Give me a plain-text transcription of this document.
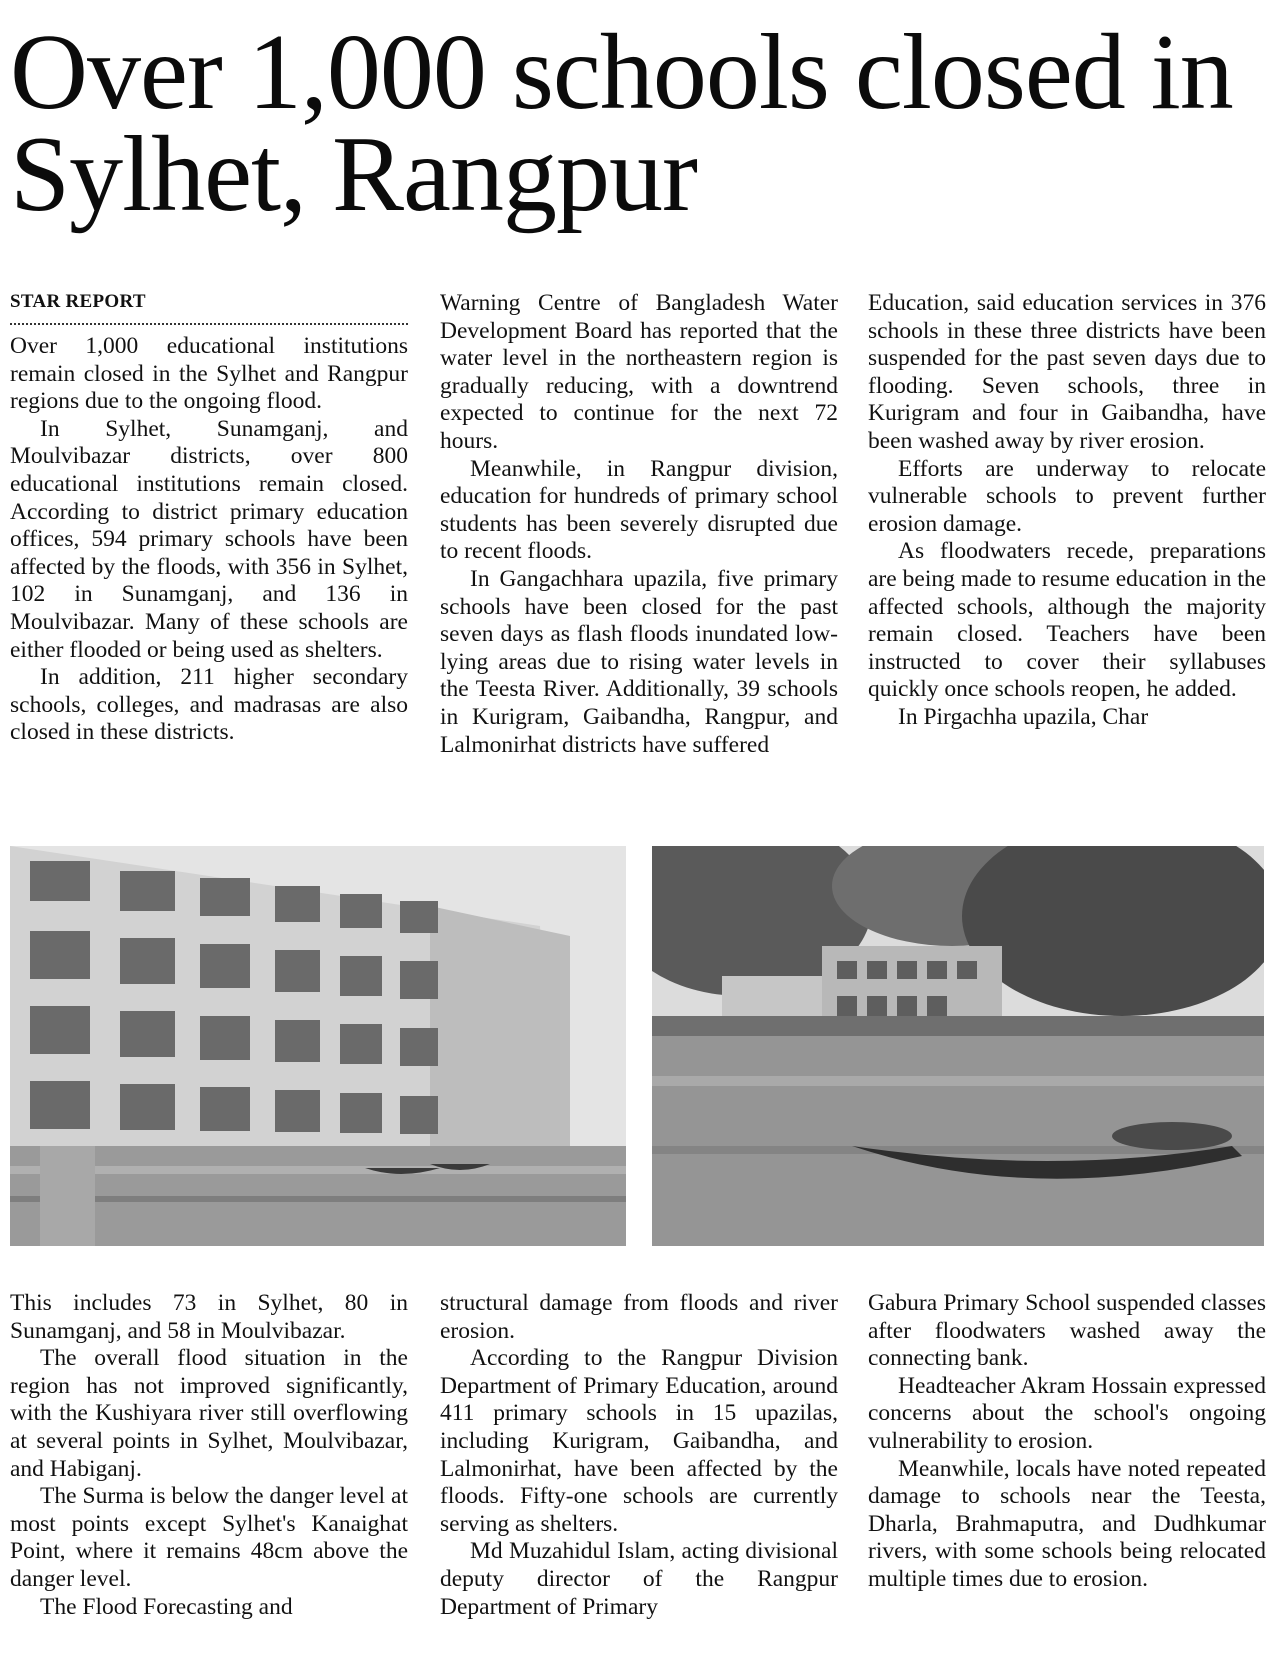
Over 1,000 schools closed in Sylhet, Rangpur
STAR REPORT

Over 1,000 educational institutions remain closed in the Sylhet and Rangpur regions due to the ongoing flood.

In Sylhet, Sunamganj, and Moulvibazar districts, over 800 educational institutions remain closed. According to district primary education offices, 594 primary schools have been affected by the floods, with 356 in Sylhet, 102 in Sunamganj, and 136 in Moulvibazar. Many of these schools are either flooded or being used as shelters.

In addition, 211 higher secondary schools, colleges, and madrasas are also closed in these districts.

Warning Centre of Bangladesh Water Development Board has reported that the water level in the northeastern region is gradually reducing, with a downtrend expected to continue for the next 72 hours.

Meanwhile, in Rangpur division, education for hundreds of primary school students has been severely disrupted due to recent floods.

In Gangachhara upazila, five primary schools have been closed for the past seven days as flash floods inundated low-lying areas due to rising water levels in the Teesta River. Additionally, 39 schools in Kurigram, Gaibandha, Rangpur, and Lalmonirhat districts have suffered

Education, said education services in 376 schools in these three districts have been suspended for the past seven days due to flooding. Seven schools, three in Kurigram and four in Gaibandha, have been washed away by river erosion.

Efforts are underway to relocate vulnerable schools to prevent further erosion damage.

As floodwaters recede, preparations are being made to resume education in the affected schools, although the majority remain closed. Teachers have been instructed to cover their syllabuses quickly once schools reopen, he added.

In Pirgachha upazila, Char

This includes 73 in Sylhet, 80 in Sunamganj, and 58 in Moulvibazar.

The overall flood situation in the region has not improved significantly, with the Kushiyara river still overflowing at several points in Sylhet, Moulvibazar, and Habiganj.

The Surma is below the danger level at most points except Sylhet's Kanaighat Point, where it remains 48cm above the danger level.

The Flood Forecasting and

structural damage from floods and river erosion.

According to the Rangpur Division Department of Primary Education, around 411 primary schools in 15 upazilas, including Kurigram, Gaibandha, and Lalmonirhat, have been affected by the floods. Fifty-one schools are currently serving as shelters.

Md Muzahidul Islam, acting divisional deputy director of the Rangpur Department of Primary

Gabura Primary School suspended classes after floodwaters washed away the connecting bank.

Headteacher Akram Hossain expressed concerns about the school's ongoing vulnerability to erosion.

Meanwhile, locals have noted repeated damage to schools near the Teesta, Dharla, Brahmaputra, and Dudhkumar rivers, with some schools being relocated multiple times due to erosion.
